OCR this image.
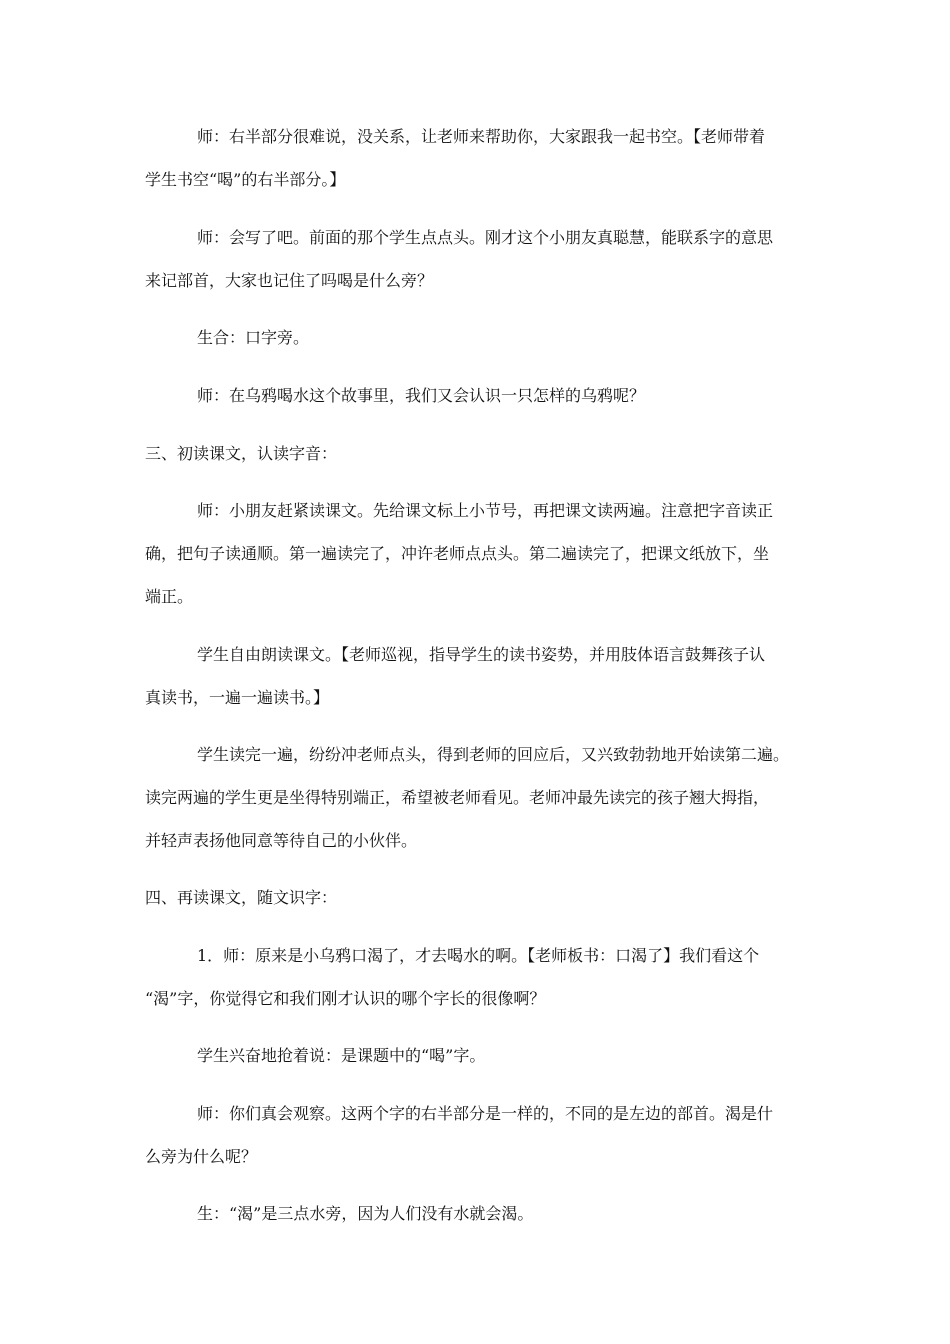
师：右半部分很难说，没关系，让老师来帮助你，大家跟我一起书空。【老师带着
学生书空“喝”的右半部分。】
师：会写了吧。前面的那个学生点点头。刚才这个小朋友真聪慧，能联系字的意思
来记部首，大家也记住了吗喝是什么旁？
生合：口字旁。
师：在乌鸦喝水这个故事里，我们又会认识一只怎样的乌鸦呢？
三、初读课文，认读字音：
师：小朋友赶紧读课文。先给课文标上小节号，再把课文读两遍。注意把字音读正
确，把句子读通顺。第一遍读完了，冲许老师点点头。第二遍读完了，把课文纸放下，坐
端正。
学生自由朗读课文。【老师巡视，指导学生的读书姿势，并用肢体语言鼓舞孩子认
真读书，一遍一遍读书。】
学生读完一遍，纷纷冲老师点头，得到老师的回应后，又兴致勃勃地开始读第二遍。
读完两遍的学生更是坐得特别端正，希望被老师看见。老师冲最先读完的孩子翘大拇指，
并轻声表扬他同意等待自己的小伙伴。
四、再读课文，随文识字：
1．师：原来是小乌鸦口渴了，才去喝水的啊。【老师板书：口渴了】我们看这个
“渴”字，你觉得它和我们刚才认识的哪个字长的很像啊？
学生兴奋地抢着说：是课题中的“喝”字。
师：你们真会观察。这两个字的右半部分是一样的，不同的是左边的部首。渴是什
么旁为什么呢？
生：“渴”是三点水旁，因为人们没有水就会渴。
